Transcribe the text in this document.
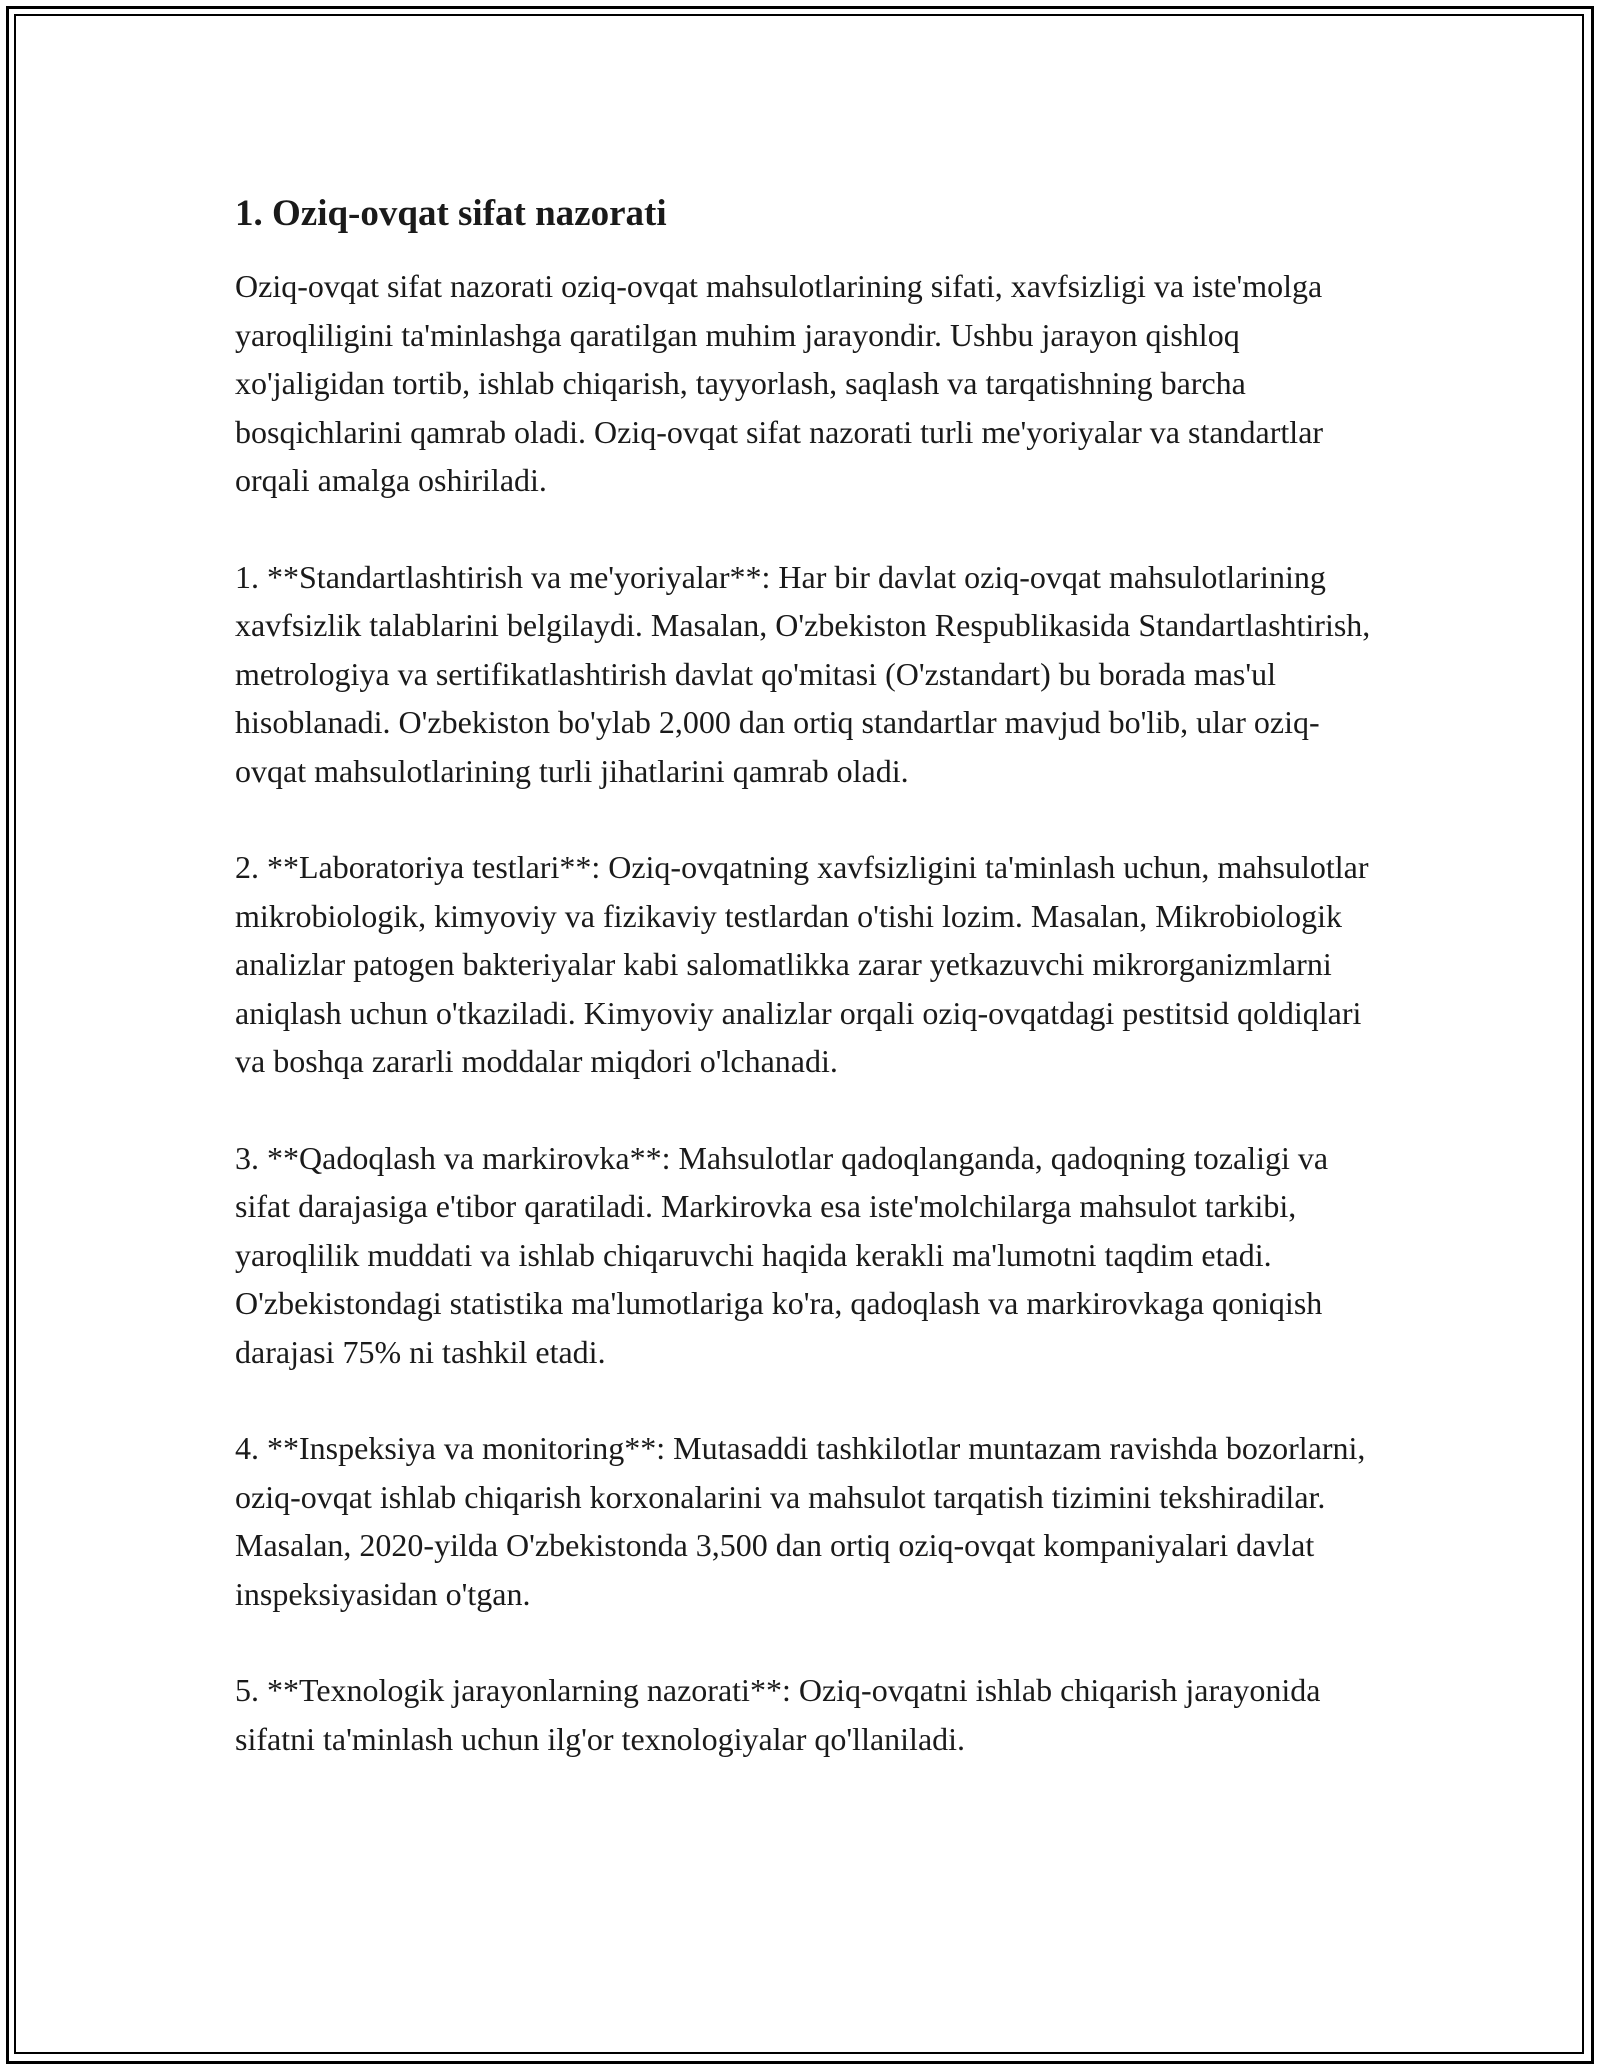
1. Oziq-ovqat sifat nazorati

Oziq-ovqat sifat nazorati oziq-ovqat mahsulotlarining sifati, xavfsizligi va iste'molga yaroqliligini ta'minlashga qaratilgan muhim jarayondir. Ushbu jarayon qishloq xo'jaligidan tortib, ishlab chiqarish, tayyorlash, saqlash va tarqatishning barcha bosqichlarini qamrab oladi. Oziq-ovqat sifat nazorati turli me'yoriyalar va standartlar orqali amalga oshiriladi.

1. **Standartlashtirish va me'yoriyalar**: Har bir davlat oziq-ovqat mahsulotlarining xavfsizlik talablarini belgilaydi. Masalan, O'zbekiston Respublikasida Standartlashtirish, metrologiya va sertifikatlashtirish davlat qo'mitasi (O'zstandart) bu borada mas'ul hisoblanadi. O'zbekiston bo'ylab 2,000 dan ortiq standartlar mavjud bo'lib, ular oziq-ovqat mahsulotlarining turli jihatlarini qamrab oladi.

2. **Laboratoriya testlari**: Oziq-ovqatning xavfsizligini ta'minlash uchun, mahsulotlar mikrobiologik, kimyoviy va fizikaviy testlardan o'tishi lozim. Masalan, Mikrobiologik analizlar patogen bakteriyalar kabi salomatlikka zarar yetkazuvchi mikrorganizmlarni aniqlash uchun o'tkaziladi. Kimyoviy analizlar orqali oziq-ovqatdagi pestitsid qoldiqlari va boshqa zararli moddalar miqdori o'lchanadi.

3. **Qadoqlash va markirovka**: Mahsulotlar qadoqlanganda, qadoqning tozaligi va sifat darajasiga e'tibor qaratiladi. Markirovka esa iste'molchilarga mahsulot tarkibi, yaroqlilik muddati va ishlab chiqaruvchi haqida kerakli ma'lumotni taqdim etadi. O'zbekistondagi statistika ma'lumotlariga ko'ra, qadoqlash va markirovkaga qoniqish darajasi 75% ni tashkil etadi.

4. **Inspeksiya va monitoring**: Mutasaddi tashkilotlar muntazam ravishda bozorlarni, oziq-ovqat ishlab chiqarish korxonalarini va mahsulot tarqatish tizimini tekshiradilar. Masalan, 2020-yilda O'zbekistonda 3,500 dan ortiq oziq-ovqat kompaniyalari davlat inspeksiyasidan o'tgan.

5. **Texnologik jarayonlarning nazorati**: Oziq-ovqatni ishlab chiqarish jarayonida sifatni ta'minlash uchun ilg'or texnologiyalar qo'llaniladi.
